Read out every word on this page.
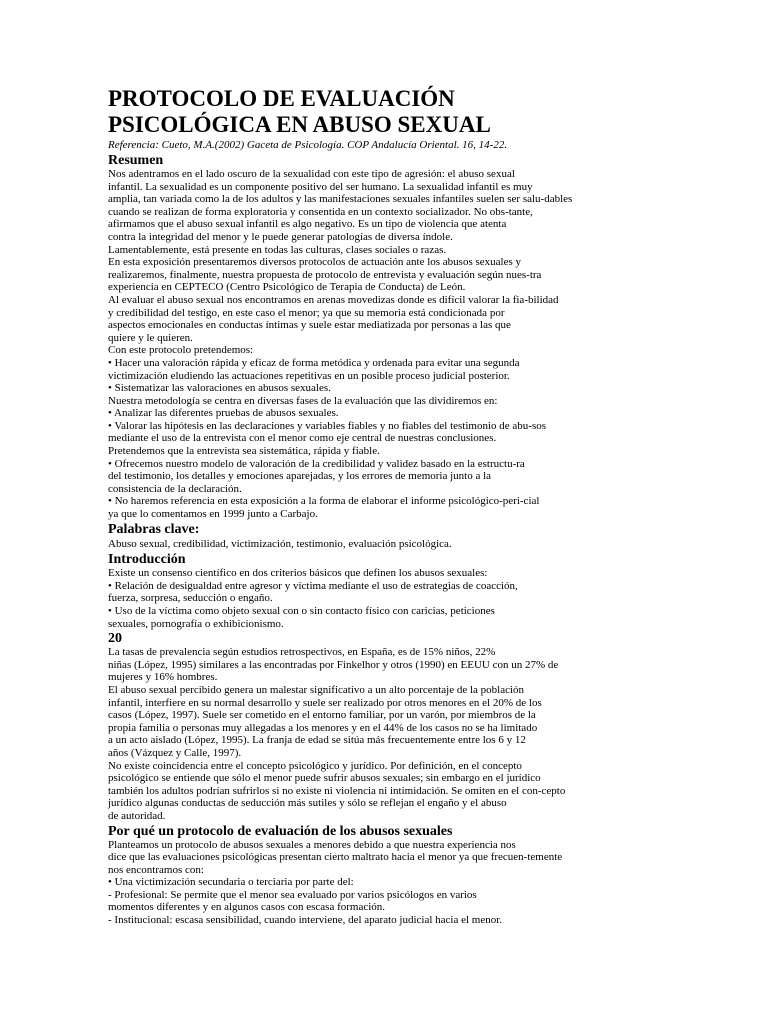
PROTOCOLO DE EVALUACIÓN
PSICOLÓGICA EN ABUSO SEXUAL
Referencia: Cueto, M.A.(2002) Gaceta de Psicología. COP Andalucía Oriental. 16, 14-22.
Resumen
Nos adentramos en el lado oscuro de la sexualidad con este tipo de agresión: el abuso sexual
infantil. La sexualidad es un componente positivo del ser humano. La sexualidad infantil es muy
amplia, tan variada como la de los adultos y las manifestaciones sexuales infantiles suelen ser salu-dables
cuando se realizan de forma exploratoria y consentida en un contexto socializador. No obs-tante,
afirmamos que el abuso sexual infantil es algo negativo. Es un tipo de violencia que atenta
contra la integridad del menor y le puede generar patologías de diversa índole.
Lamentablemente, está presente en todas las culturas, clases sociales o razas.
En esta exposición presentaremos diversos protocolos de actuación ante los abusos sexuales y
realizaremos, finalmente, nuestra propuesta de protocolo de entrevista y evaluación según nues-tra
experiencia en CEPTECO (Centro Psicológico de Terapia de Conducta) de León.
Al evaluar el abuso sexual nos encontramos en arenas movedizas donde es difícil valorar la fia-bilidad
y credibilidad del testigo, en este caso el menor; ya que su memoria está condicionada por
aspectos emocionales en conductas íntimas y suele estar mediatizada por personas a las que
quiere y le quieren.
Con este protocolo pretendemos:
• Hacer una valoración rápida y eficaz de forma metódica y ordenada para evitar una segunda
victimización eludiendo las actuaciones repetitivas en un posible proceso judicial posterior.
• Sistematizar las valoraciones en abusos sexuales.
Nuestra metodología se centra en diversas fases de la evaluación que las dividiremos en:
• Analizar las diferentes pruebas de abusos sexuales.
• Valorar las hipótesis en las declaraciones y variables fiables y no fiables del testimonio de abu-sos
mediante el uso de la entrevista con el menor como eje central de nuestras conclusiones.
Pretendemos que la entrevista sea sistemática, rápida y fiable.
• Ofrecemos nuestro modelo de valoración de la credibilidad y validez basado en la estructu-ra
del testimonio, los detalles y emociones aparejadas, y los errores de memoria junto a la
consistencia de la declaración.
• No haremos referencia en esta exposición a la forma de elaborar el informe psicológico-peri-cial
ya que lo comentamos en 1999 junto a Carbajo.
Palabras clave:
Abuso sexual, credibilidad, victimización, testimonio, evaluación psicológica.
Introducción
Existe un consenso científico en dos criterios básicos que definen los abusos sexuales:
• Relación de desigualdad entre agresor y víctima mediante el uso de estrategias de coacción,
fuerza, sorpresa, seducción o engaño.
• Uso de la víctima como objeto sexual con o sin contacto físico con caricias, peticiones
sexuales, pornografía o exhibicionismo.
20
La tasas de prevalencia según estudios retrospectivos, en España, es de 15% niños, 22%
niñas (López, 1995) similares a las encontradas por Finkelhor y otros (1990) en EEUU con un 27% de
mujeres y 16% hombres.
El abuso sexual percibido genera un malestar significativo a un alto porcentaje de la población
infantil, interfiere en su normal desarrollo y suele ser realizado por otros menores en el 20% de los
casos (López, 1997). Suele ser cometido en el entorno familiar, por un varón, por miembros de la
propia familia o personas muy allegadas a los menores y en el 44% de los casos no se ha limitado
a un acto aislado (López, 1995). La franja de edad se sitúa más frecuentemente entre los 6 y 12
años (Vázquez y Calle, 1997).
No existe coincidencia entre el concepto psicológico y jurídico. Por definición, en el concepto
psicológico se entiende que sólo el menor puede sufrir abusos sexuales; sin embargo en el jurídico
también los adultos podrían sufrirlos si no existe ni violencia ni intimidación. Se omiten en el con-cepto
jurídico algunas conductas de seducción más sutiles y sólo se reflejan el engaño y el abuso
de autoridad.
Por qué un protocolo de evaluación de los abusos sexuales
Planteamos un protocolo de abusos sexuales a menores debido a que nuestra experiencia nos
dice que las evaluaciones psicológicas presentan cierto maltrato hacia el menor ya que frecuen-temente
nos encontramos con:
• Una victimización secundaria o terciaria por parte del:
- Profesional: Se permite que el menor sea evaluado por varios psicólogos en varios
momentos diferentes y en algunos casos con escasa formación.
- Institucional: escasa sensibilidad, cuando interviene, del aparato judicial hacia el menor.
